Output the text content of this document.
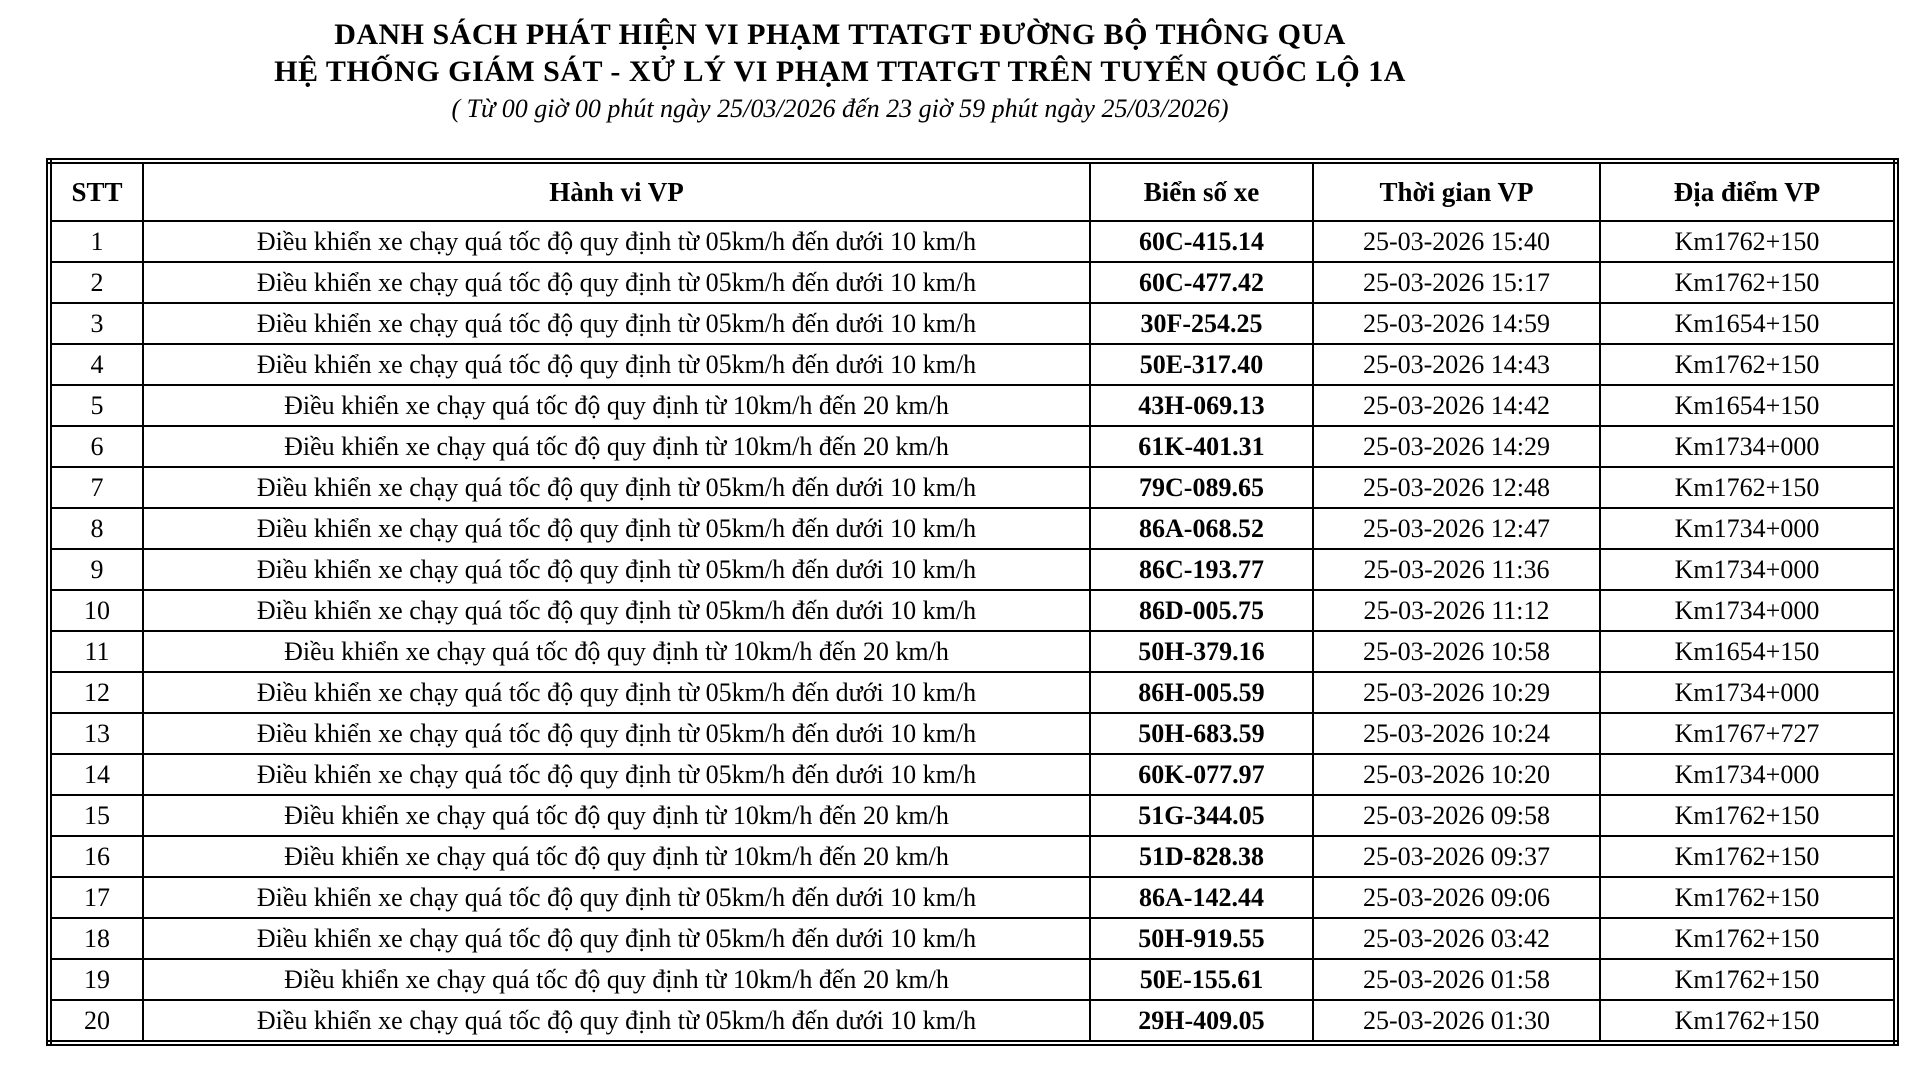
DANH SÁCH PHÁT HIỆN VI PHẠM TTATGT ĐƯỜNG BỘ THÔNG QUA
HỆ THỐNG GIÁM SÁT - XỬ LÝ VI PHẠM TTATGT TRÊN TUYẾN QUỐC LỘ 1A
( Từ 00 giờ 00 phút ngày 25/03/2026 đến 23 giờ 59 phút ngày 25/03/2026)
STT	Hành vi VP	Biển số xe	Thời gian VP	Địa điểm VP
1	Điều khiển xe chạy quá tốc độ quy định từ 05km/h đến dưới 10 km/h	60C-415.14	25-03-2026 15:40	Km1762+150
2	Điều khiển xe chạy quá tốc độ quy định từ 05km/h đến dưới 10 km/h	60C-477.42	25-03-2026 15:17	Km1762+150
3	Điều khiển xe chạy quá tốc độ quy định từ 05km/h đến dưới 10 km/h	30F-254.25	25-03-2026 14:59	Km1654+150
4	Điều khiển xe chạy quá tốc độ quy định từ 05km/h đến dưới 10 km/h	50E-317.40	25-03-2026 14:43	Km1762+150
5	Điều khiển xe chạy quá tốc độ quy định từ 10km/h đến 20 km/h	43H-069.13	25-03-2026 14:42	Km1654+150
6	Điều khiển xe chạy quá tốc độ quy định từ 10km/h đến 20 km/h	61K-401.31	25-03-2026 14:29	Km1734+000
7	Điều khiển xe chạy quá tốc độ quy định từ 05km/h đến dưới 10 km/h	79C-089.65	25-03-2026 12:48	Km1762+150
8	Điều khiển xe chạy quá tốc độ quy định từ 05km/h đến dưới 10 km/h	86A-068.52	25-03-2026 12:47	Km1734+000
9	Điều khiển xe chạy quá tốc độ quy định từ 05km/h đến dưới 10 km/h	86C-193.77	25-03-2026 11:36	Km1734+000
10	Điều khiển xe chạy quá tốc độ quy định từ 05km/h đến dưới 10 km/h	86D-005.75	25-03-2026 11:12	Km1734+000
11	Điều khiển xe chạy quá tốc độ quy định từ 10km/h đến 20 km/h	50H-379.16	25-03-2026 10:58	Km1654+150
12	Điều khiển xe chạy quá tốc độ quy định từ 05km/h đến dưới 10 km/h	86H-005.59	25-03-2026 10:29	Km1734+000
13	Điều khiển xe chạy quá tốc độ quy định từ 05km/h đến dưới 10 km/h	50H-683.59	25-03-2026 10:24	Km1767+727
14	Điều khiển xe chạy quá tốc độ quy định từ 05km/h đến dưới 10 km/h	60K-077.97	25-03-2026 10:20	Km1734+000
15	Điều khiển xe chạy quá tốc độ quy định từ 10km/h đến 20 km/h	51G-344.05	25-03-2026 09:58	Km1762+150
16	Điều khiển xe chạy quá tốc độ quy định từ 10km/h đến 20 km/h	51D-828.38	25-03-2026 09:37	Km1762+150
17	Điều khiển xe chạy quá tốc độ quy định từ 05km/h đến dưới 10 km/h	86A-142.44	25-03-2026 09:06	Km1762+150
18	Điều khiển xe chạy quá tốc độ quy định từ 05km/h đến dưới 10 km/h	50H-919.55	25-03-2026 03:42	Km1762+150
19	Điều khiển xe chạy quá tốc độ quy định từ 10km/h đến 20 km/h	50E-155.61	25-03-2026 01:58	Km1762+150
20	Điều khiển xe chạy quá tốc độ quy định từ 05km/h đến dưới 10 km/h	29H-409.05	25-03-2026 01:30	Km1762+150
